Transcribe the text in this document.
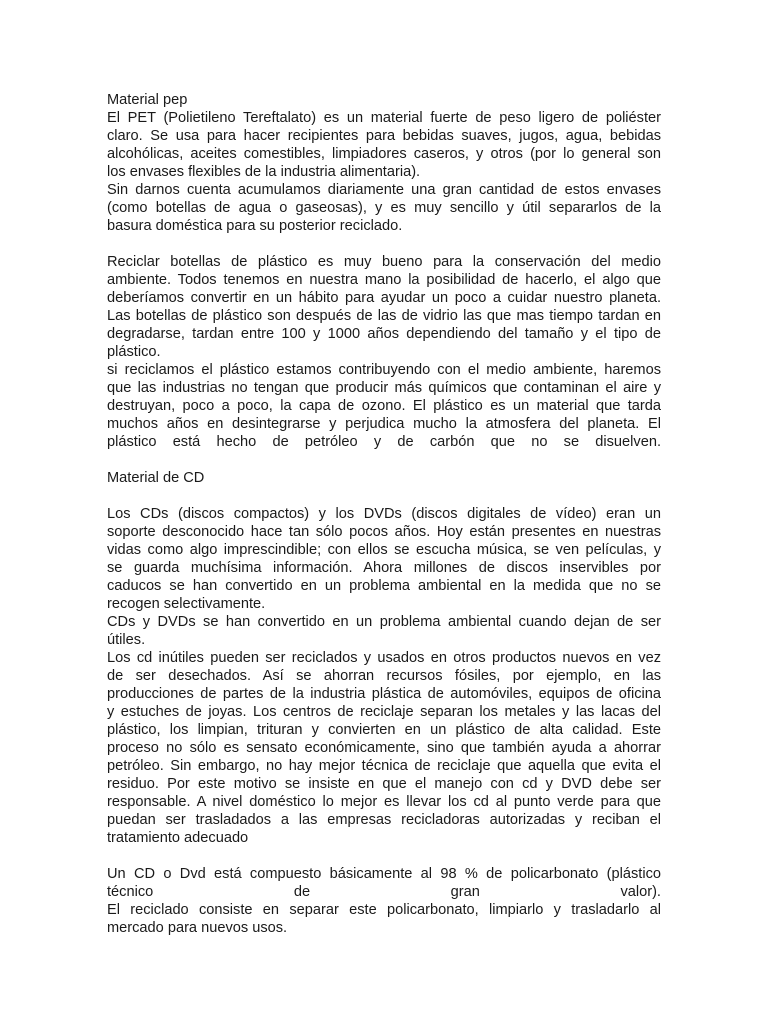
Material pep
El PET (Polietileno Tereftalato) es un material fuerte de peso ligero de poliéster
claro. Se usa para hacer recipientes para bebidas suaves, jugos, agua, bebidas
alcohólicas, aceites comestibles, limpiadores caseros, y otros (por lo general son
los envases flexibles de la industria alimentaria).
Sin darnos cuenta acumulamos diariamente una gran cantidad de estos envases
(como botellas de agua o gaseosas), y es muy sencillo y útil separarlos de la
basura doméstica para su posterior reciclado.
Reciclar botellas de plástico es muy bueno para la conservación del medio
ambiente. Todos tenemos en nuestra mano la posibilidad de hacerlo, el algo que
deberíamos convertir en un hábito para ayudar un poco a cuidar nuestro planeta.
Las botellas de plástico son después de las de vidrio las que mas tiempo tardan en
degradarse, tardan entre 100 y 1000 años dependiendo del tamaño y el tipo de
plástico.
si reciclamos el plástico estamos contribuyendo con el medio ambiente, haremos
que las industrias no tengan que producir más químicos que contaminan el aire y
destruyan, poco a poco, la capa de ozono. El plástico es un material que tarda
muchos años en desintegrarse y perjudica mucho la atmosfera del planeta. El
plástico está hecho de petróleo y de carbón que no se disuelven.
Material de CD
Los CDs (discos compactos) y los DVDs (discos digitales de vídeo) eran un
soporte desconocido hace tan sólo pocos años. Hoy están presentes en nuestras
vidas como algo imprescindible; con ellos se escucha música, se ven películas, y
se guarda muchísima información. Ahora millones de discos inservibles por
caducos se han convertido en un problema ambiental en la medida que no se
recogen selectivamente.
CDs y DVDs se han convertido en un problema ambiental cuando dejan de ser
útiles.
Los cd inútiles pueden ser reciclados y usados en otros productos nuevos en vez
de ser desechados. Así se ahorran recursos fósiles, por ejemplo, en las
producciones de partes de la industria plástica de automóviles, equipos de oficina
y estuches de joyas. Los centros de reciclaje separan los metales y las lacas del
plástico, los limpian, trituran y convierten en un plástico de alta calidad. Este
proceso no sólo es sensato económicamente, sino que también ayuda a ahorrar
petróleo. Sin embargo, no hay mejor técnica de reciclaje que aquella que evita el
residuo. Por este motivo se insiste en que el manejo con cd y DVD debe ser
responsable. A nivel doméstico lo mejor es llevar los cd al punto verde para que
puedan ser trasladados a las empresas recicladoras autorizadas y reciban el
tratamiento adecuado
Un CD o Dvd está compuesto básicamente al 98 % de policarbonato (plástico
técnico de gran valor).
El reciclado consiste en separar este policarbonato, limpiarlo y trasladarlo al
mercado para nuevos usos.
